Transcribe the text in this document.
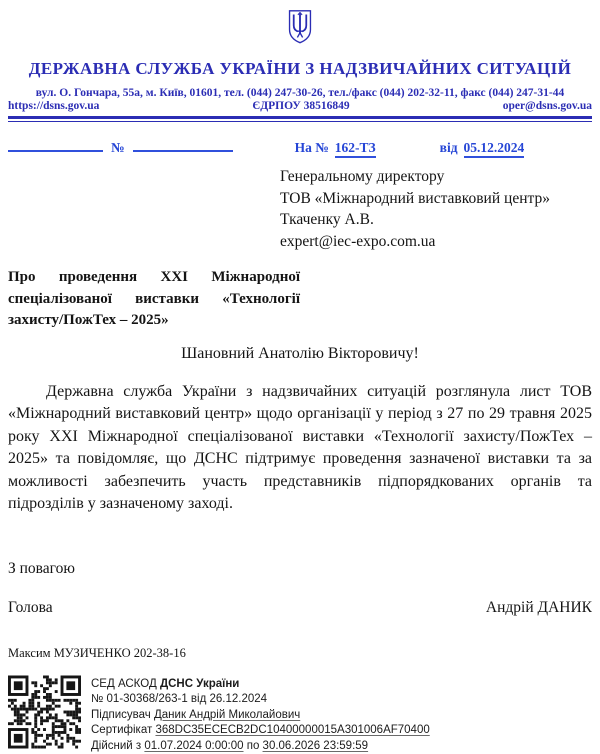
ДЕРЖАВНА СЛУЖБА УКРАЇНИ З НАДЗВИЧАЙНИХ СИТУАЦІЙ
вул. О. Гончара, 55а, м. Київ, 01601, тел. (044) 247-30-26, тел./факс (044) 202-32-11, факс (044) 247-31-44
https://dsns.gov.ua	ЄДРПОУ 38516849	oper@dsns.gov.ua
№	На № 162-ТЗ	від 05.12.2024
Генеральному директору
ТОВ «Міжнародний виставковий центр»
Ткаченку А.В.
expert@iec-expo.com.ua
Про проведення XXI Міжнародної спеціалізованої виставки «Технології захисту/ПожТех – 2025»
Шановний Анатолію Вікторовичу!

Державна служба України з надзвичайних ситуацій розглянула лист ТОВ «Міжнародний виставковий центр» щодо організації у період з 27 по 29 травня 2025 року XXI Міжнародної спеціалізованої виставки «Технології захисту/ПожТех – 2025» та повідомляє, що ДСНС підтримує проведення зазначеної виставки та за можливості забезпечить участь представників підпорядкованих органів та підрозділів у зазначеному заході.

З повагою
Голова	Андрій ДАНИК
Максим МУЗИЧЕНКО 202-38-16
СЕД АСКОД ДСНС України
№ 01-30368/263-1 від 26.12.2024
Підписувач Даник Андрій Миколайович
Сертифікат 368DC35ECECB2DC10400000015A301006AF70400
Дійсний з 01.07.2024 0:00:00 по 30.06.2026 23:59:59
